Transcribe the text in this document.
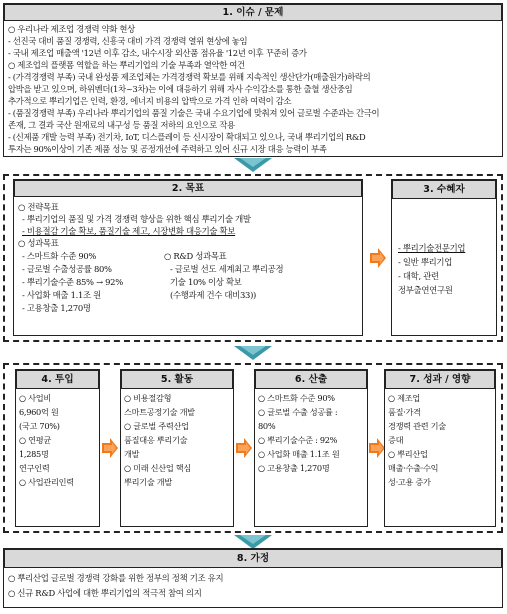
1. 이슈 / 문제
○ 우리나라 제조업 경쟁력 약화 현상
- 선진국 대비 품질 경쟁력, 신흥국 대비 가격 경쟁력 열위 현상에 놓임
- 국내 제조업 매출액 '12년 이후 감소, 내수시장 외산품 점유율 '12년 이후 꾸준히 증가
○ 제조업의 플랫폼 역할을 하는 뿌리기업의 기술 부족과 열악한 여건
- (가격경쟁력 부족) 국내 완성품 제조업체는 가격경쟁력 확보를 위해 지속적인 생산단가(매출원가)하락의
압박을 받고 있으며, 하위벤더(1차~3차)는 이에 대응하기 위해 자사 수익감소를 통한 출혈 생산중임
추가적으로 뿌리기업은 인력, 환경, 에너지 비용의 압박으로 가격 인하 여력이 감소
- (품질경쟁력 부족) 우리나라 뿌리기업의 품질 기술은 국내 수요기업에 맞춰져 있어 글로벌 수준과는 간극이
존재, 그 결과 국산 원재료의 내구성 등 품질 저하의 요인으로 작용
- (신제품 개발 능력 부족) 전기차, IoT, 디스플레이 등 신시장이 확대되고 있으나, 국내 뿌리기업의 R&D
투자는 90%이상이 기존 제품 성능 및 공정개선에 주력하고 있어 신규 시장 대응 능력이 부족
2. 목표
○ 전략목표
- 뿌리기업의 품질 및 가격 경쟁력 향상을 위한 핵심 뿌리기술 개발
- 비용절감 기술 확보, 품질기술 제고, 시장변화 대응기술 확보
○ 성과목표
- 스마트화 수준 90%
- 글로벌 수출성공률 80%
- 뿌리기술수준 85% → 92%
- 사업화 매출 1.1조 원
- 고용창출 1,270명
○ R&D 성과목표
- 글로벌 선도 세계최고 뿌리공정
기술 10% 이상 확보
(수행과제 건수 대비33))
3. 수혜자
- 뿌리기술전문기업
- 일반 뿌리기업
- 대학, 관련
정부출연연구원
4. 투입
○ 사업비
6,960억 원
(국고 70%)
○ 연평균
1,285명
연구인력
○ 사업관리인력
5. 활동
○ 비용절감형
스마트공정기술 개발
○ 글로벌 주력산업
품질대응 뿌리기술
개발
○ 미래 신산업 핵심
뿌리기술 개발
6. 산출
○ 스마트화 수준 90%
○ 글로벌 수출 성공률 :
80%
○ 뿌리기술수준 : 92%
○ 사업화 매출 1.1조 원
○ 고용창출 1,270명
7. 성과 / 영향
○ 제조업
품질·가격
경쟁력 관련 기술
증대
○ 뿌리산업
매출·수출·수익
성·고용 증가
8. 가정
○ 뿌리산업 글로벌 경쟁력 강화를 위한 정부의 정책 기조 유지
○ 신규 R&D 사업에 대한 뿌리기업의 적극적 참여 의지
